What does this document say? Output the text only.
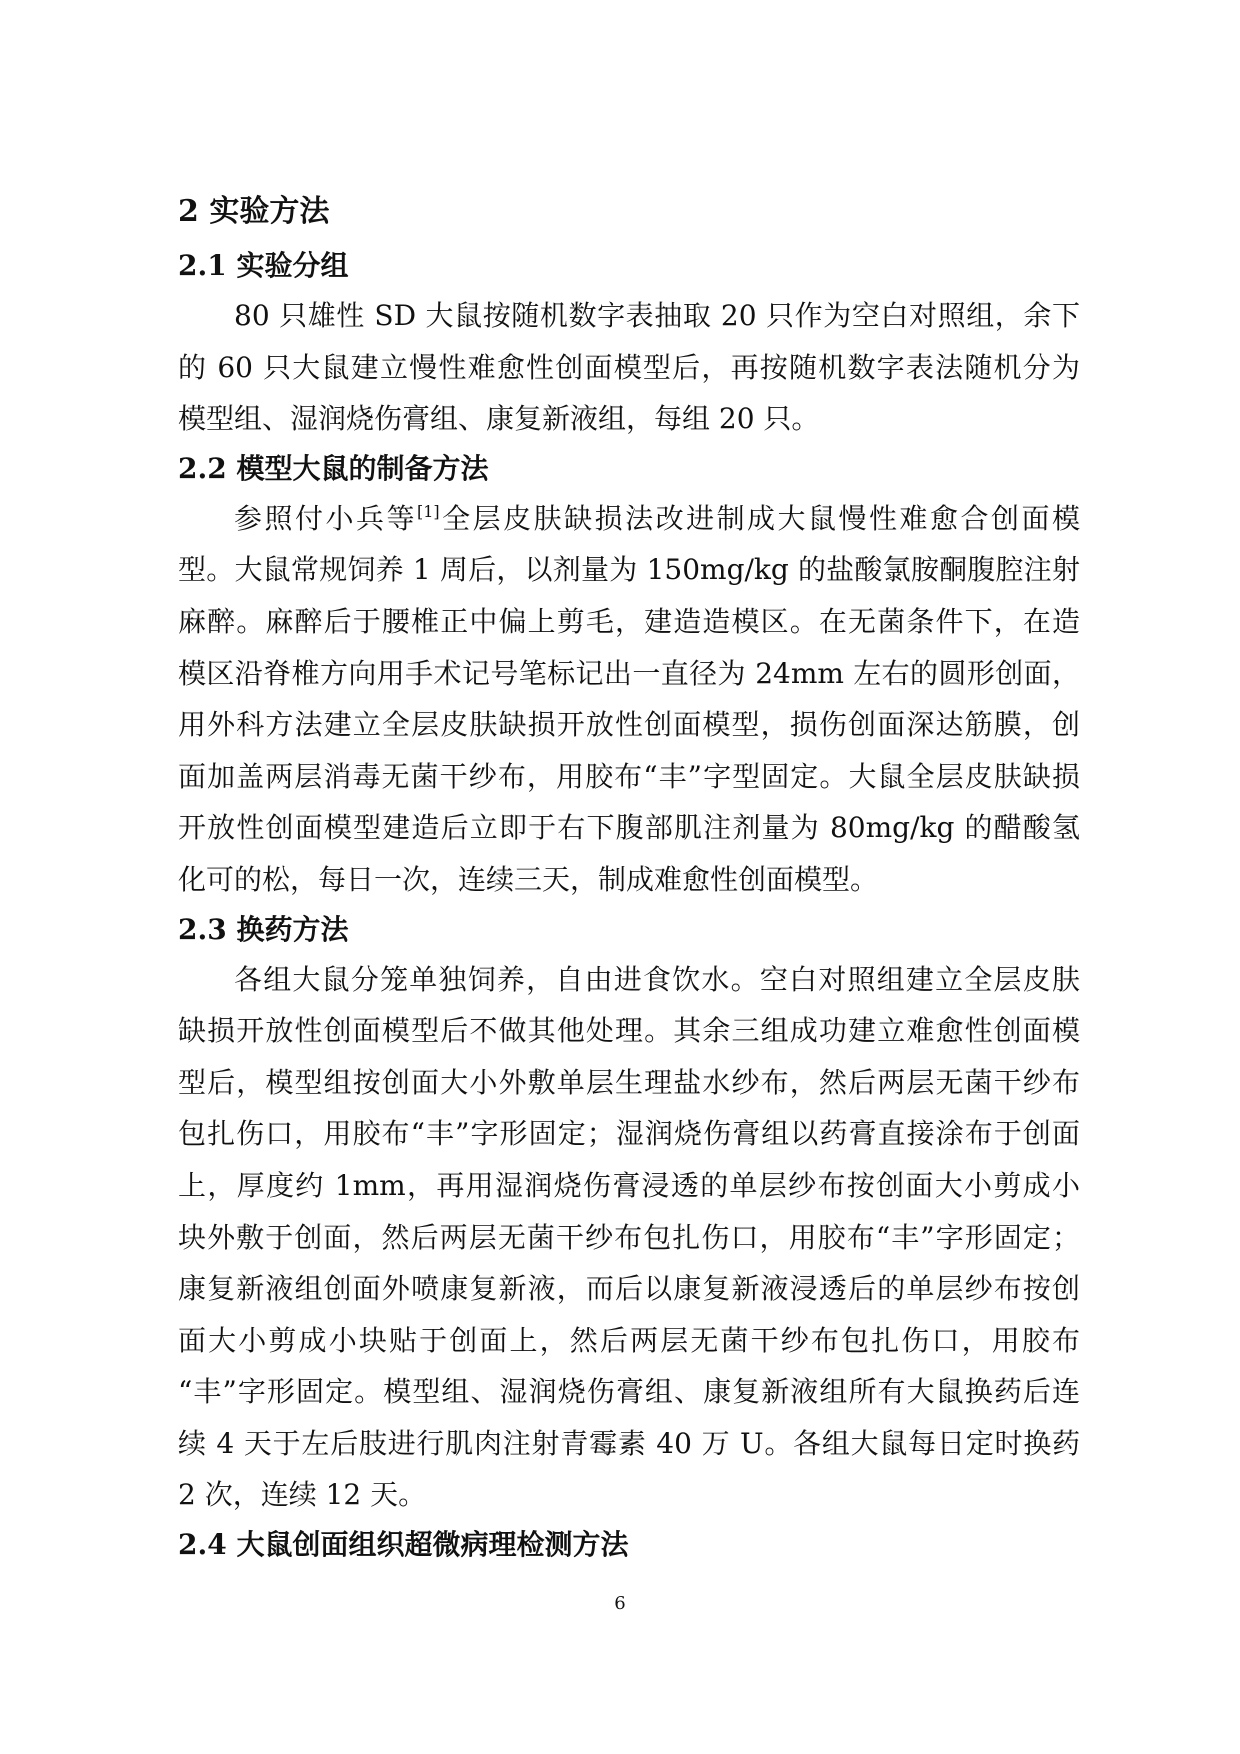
2 实验方法
2.1 实验分组
80 只雄性 SD 大鼠按随机数字表抽取 20 只作为空白对照组，余下
的 60 只大鼠建立慢性难愈性创面模型后，再按随机数字表法随机分为
模型组、湿润烧伤膏组、康复新液组，每组 20 只。
2.2 模型大鼠的制备方法
参照付小兵等[1]全层皮肤缺损法改进制成大鼠慢性难愈合创面模
型。大鼠常规饲养 1 周后，以剂量为 150mg/kg 的盐酸氯胺酮腹腔注射
麻醉。麻醉后于腰椎正中偏上剪毛，建造造模区。在无菌条件下，在造
模区沿脊椎方向用手术记号笔标记出一直径为 24mm 左右的圆形创面，
用外科方法建立全层皮肤缺损开放性创面模型，损伤创面深达筋膜，创
面加盖两层消毒无菌干纱布，用胶布“丰”字型固定。大鼠全层皮肤缺损
开放性创面模型建造后立即于右下腹部肌注剂量为 80mg/kg 的醋酸氢
化可的松，每日一次，连续三天，制成难愈性创面模型。
2.3 换药方法
各组大鼠分笼单独饲养，自由进食饮水。空白对照组建立全层皮肤
缺损开放性创面模型后不做其他处理。其余三组成功建立难愈性创面模
型后，模型组按创面大小外敷单层生理盐水纱布，然后两层无菌干纱布
包扎伤口，用胶布“丰”字形固定；湿润烧伤膏组以药膏直接涂布于创面
上，厚度约 1mm，再用湿润烧伤膏浸透的单层纱布按创面大小剪成小
块外敷于创面，然后两层无菌干纱布包扎伤口，用胶布“丰”字形固定；
康复新液组创面外喷康复新液，而后以康复新液浸透后的单层纱布按创
面大小剪成小块贴于创面上，然后两层无菌干纱布包扎伤口，用胶布
“丰”字形固定。模型组、湿润烧伤膏组、康复新液组所有大鼠换药后连
续 4 天于左后肢进行肌肉注射青霉素 40 万 U。各组大鼠每日定时换药
2 次，连续 12 天。
2.4 大鼠创面组织超微病理检测方法
6
